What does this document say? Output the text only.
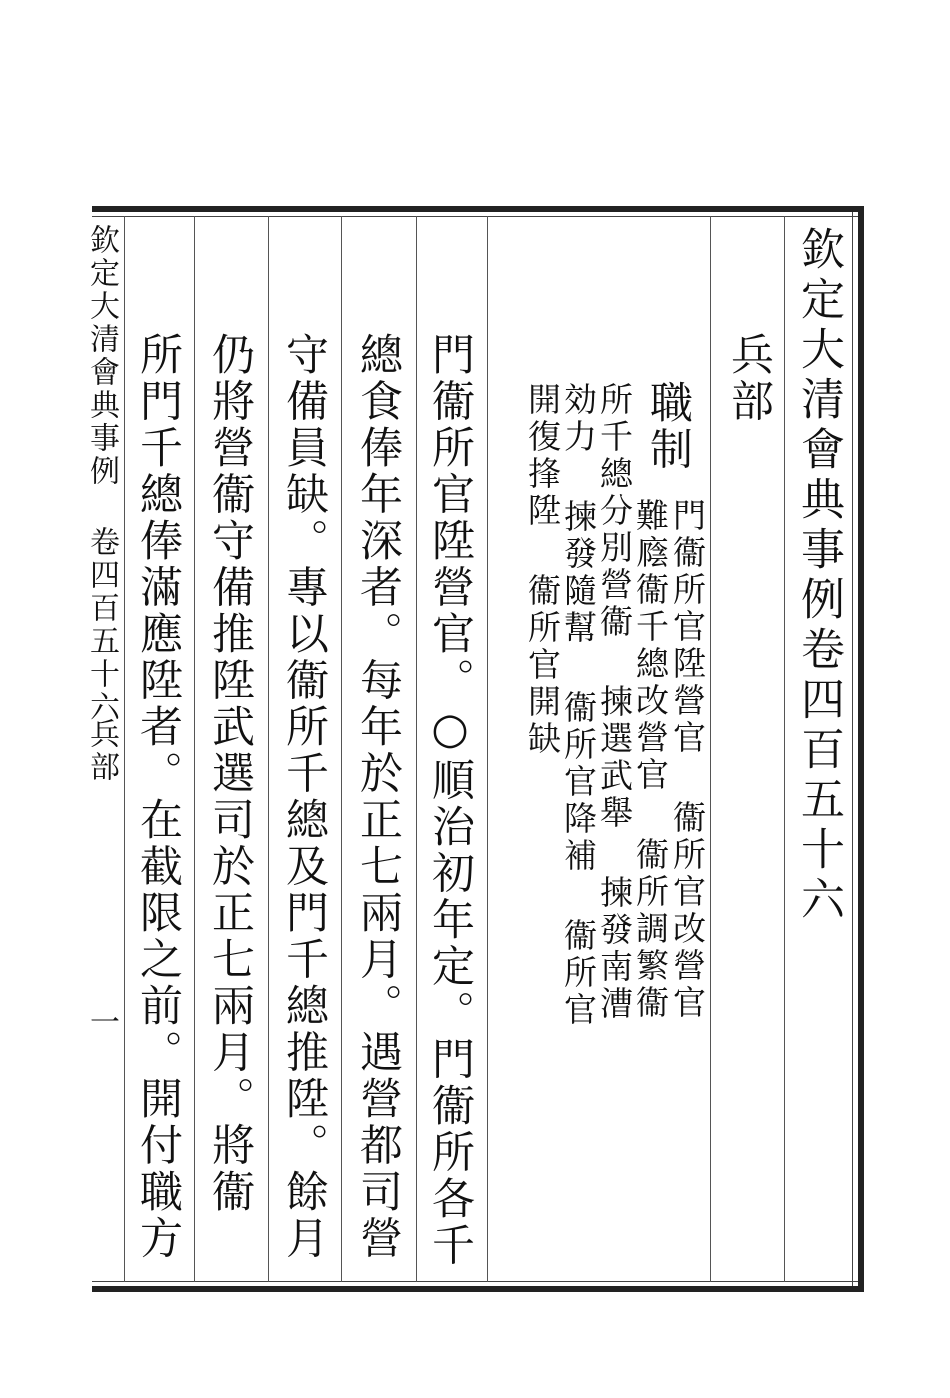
欽定大清會典事例卷四百五十六
兵部
職制
門衞所官陞營官 衞所官改營官
難廕衞千總改營官 衞所調繁衞
所千總分別營衞 揀選武舉 揀發南漕
効力 揀發隨幫 衞所官降補 衞所官
開復捀陞 衞所官開缺
門衞所官陞營官。○順治初年定。門衞所各千
總食俸年深者。每年於正七兩月。遇營都司營
守備員缺。專以衞所千總及門千總推陞。餘月
仍將營衞守備推陞武選司於正七兩月。將衞
所門千總俸滿應陞者。在截限之前。開付職方
欽定大清會典事例
卷四百五十六
兵部
一
